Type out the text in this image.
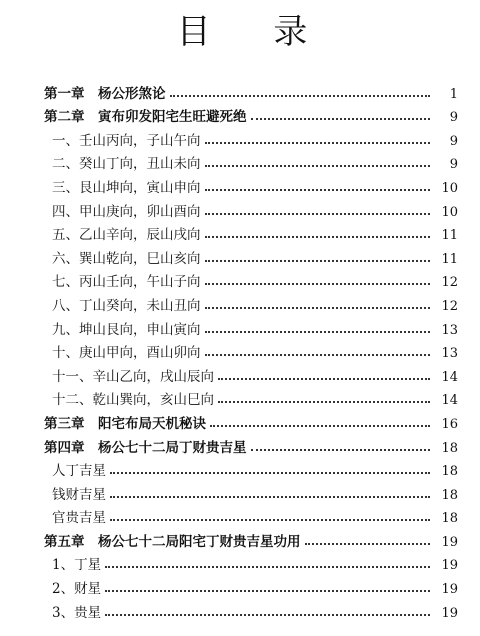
目 录
第一章　杨公形煞论	1
第二章　寅布卯发阳宅生旺避死绝	9
一、壬山丙向，子山午向	9
二、癸山丁向，丑山未向	9
三、艮山坤向，寅山申向	10
四、甲山庚向，卯山酉向	10
五、乙山辛向，辰山戌向	11
六、巽山乾向，巳山亥向	11
七、丙山壬向，午山子向	12
八、丁山癸向，未山丑向	12
九、坤山艮向，申山寅向	13
十、庚山甲向，酉山卯向	13
十一、辛山乙向，戌山辰向	14
十二、乾山巽向，亥山巳向	14
第三章　阳宅布局天机秘诀	16
第四章　杨公七十二局丁财贵吉星	18
人丁吉星	18
钱财吉星	18
官贵吉星	18
第五章　杨公七十二局阳宅丁财贵吉星功用	19
1、丁星	19
2、财星	19
3、贵星	19
